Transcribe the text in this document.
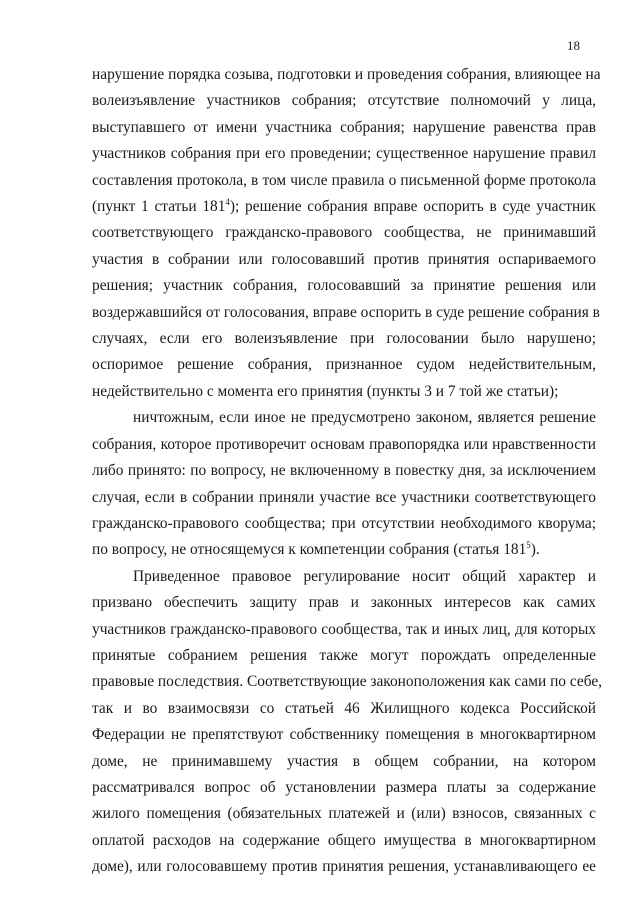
18

нарушение порядка созыва, подготовки и проведения собрания, влияющее на
волеизъявление участников собрания; отсутствие полномочий у лица,
выступавшего от имени участника собрания; нарушение равенства прав
участников собрания при его проведении; существенное нарушение правил
составления протокола, в том числе правила о письменной форме протокола
(пункт 1 статьи $181^4$); решение собрания вправе оспорить в суде участник
соответствующего гражданско-правового сообщества, не принимавший
участия в собрании или голосовавший против принятия оспариваемого
решения; участник собрания, голосовавший за принятие решения или
воздержавшийся от голосования, вправе оспорить в суде решение собрания в
случаях, если его волеизъявление при голосовании было нарушено;
оспоримое решение собрания, признанное судом недействительным,
недействительно с момента его принятия (пункты 3 и 7 той же статьи);

ничтожным, если иное не предусмотрено законом, является решение
собрания, которое противоречит основам правопорядка или нравственности
либо принято: по вопросу, не включенному в повестку дня, за исключением
случая, если в собрании приняли участие все участники соответствующего
гражданско-правового сообщества; при отсутствии необходимого кворума;
по вопросу, не относящемуся к компетенции собрания (статья $181^5$).

Приведенное правовое регулирование носит общий характер и
призвано обеспечить защиту прав и законных интересов как самих
участников гражданско-правового сообщества, так и иных лиц, для которых
принятые собранием решения также могут порождать определенные
правовые последствия. Соответствующие законоположения как сами по себе,
так и во взаимосвязи со статьей 46 Жилищного кодекса Российской
Федерации не препятствуют собственнику помещения в многоквартирном
доме, не принимавшему участия в общем собрании, на котором
рассматривался вопрос об установлении размера платы за содержание
жилого помещения (обязательных платежей и (или) взносов, связанных с
оплатой расходов на содержание общего имущества в многоквартирном
доме), или голосовавшему против принятия решения, устанавливающего ее
